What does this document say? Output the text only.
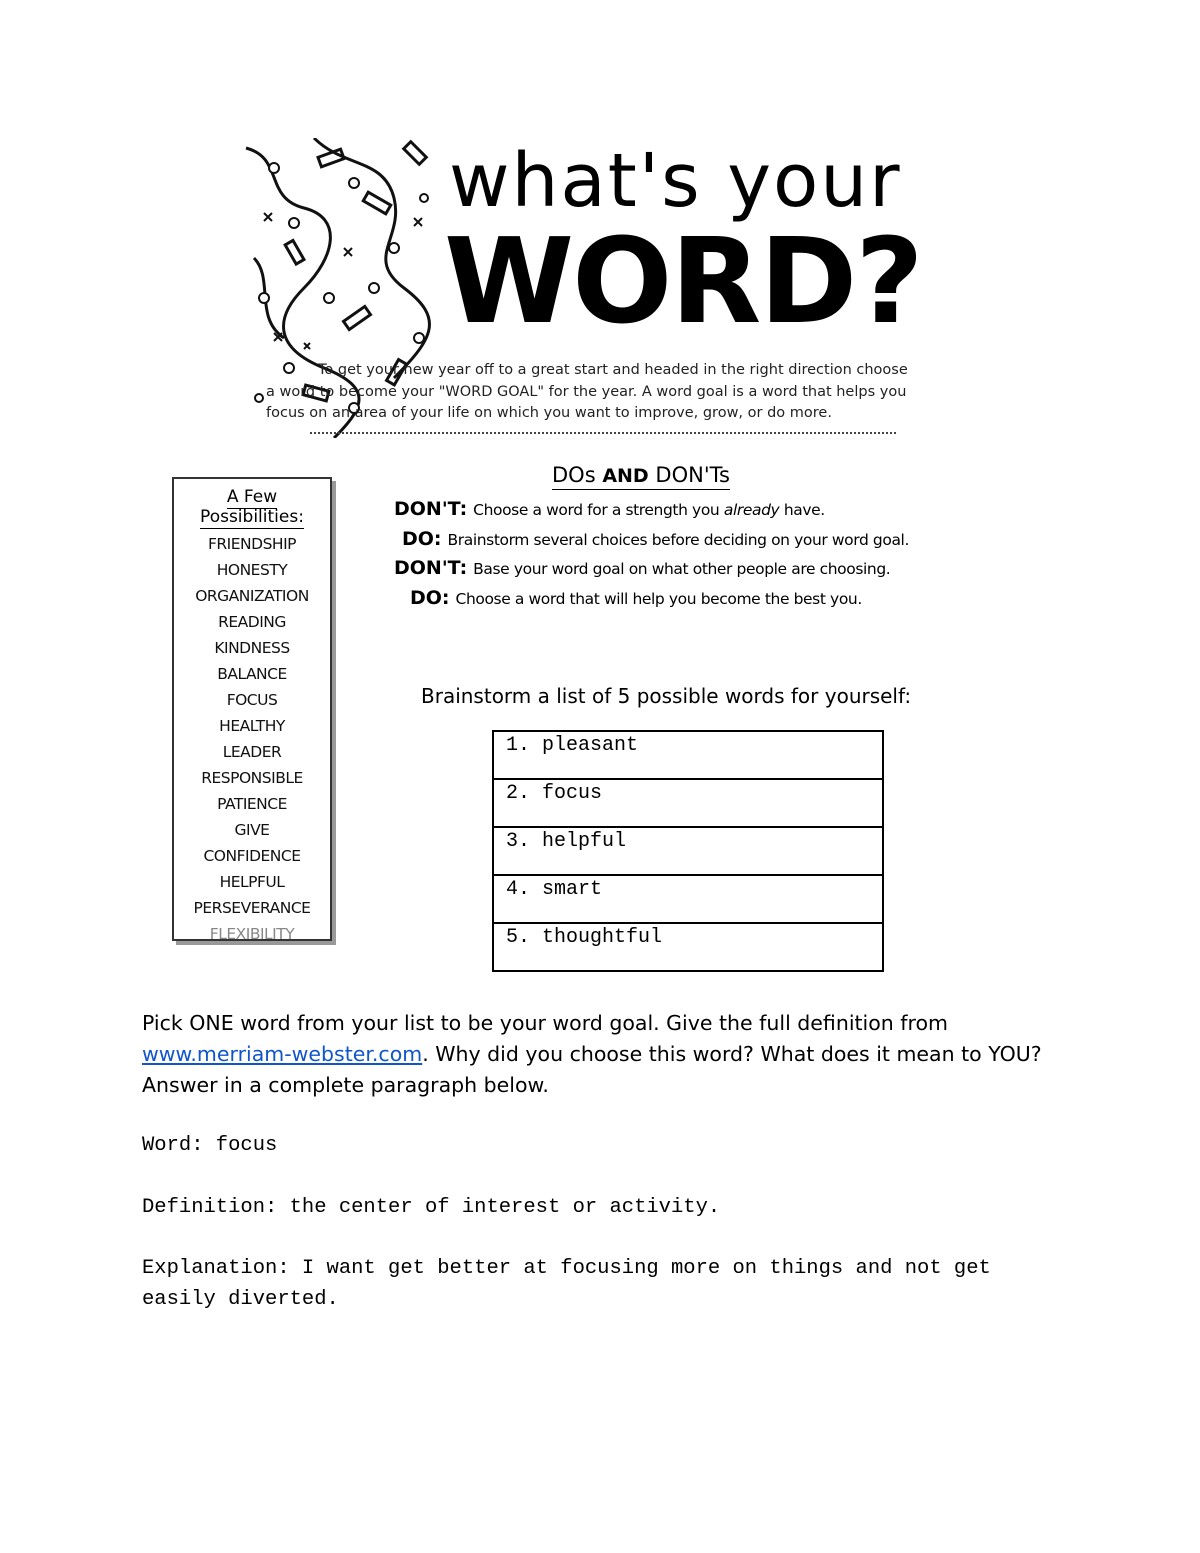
what's your
WORD?
To get your new year off to a great start and headed in the right direction choose
a word to become your "WORD GOAL" for the year. A word goal is a word that helps you
focus on an area of your life on which you want to improve, grow, or do more.
A Few Possibilities:
FRIENDSHIP
HONESTY
ORGANIZATION
READING
KINDNESS
BALANCE
FOCUS
HEALTHY
LEADER
RESPONSIBLE
PATIENCE
GIVE
CONFIDENCE
HELPFUL
PERSEVERANCE
FLEXIBILITY
DOs AND DON'Ts
DON'T: Choose a word for a strength you already have.
DO: Brainstorm several choices before deciding on your word goal.
DON'T: Base your word goal on what other people are choosing.
DO: Choose a word that will help you become the best you.
Brainstorm a list of 5 possible words for yourself:
1. pleasant
2. focus
3. helpful
4. smart
5. thoughtful
Pick ONE word from your list to be your word goal. Give the full definition from www.merriam-webster.com. Why did you choose this word? What does it mean to YOU? Answer in a complete paragraph below.
Word: focus
Definition: the center of interest or activity.
Explanation: I want get better at focusing more on things and not get easily diverted.
